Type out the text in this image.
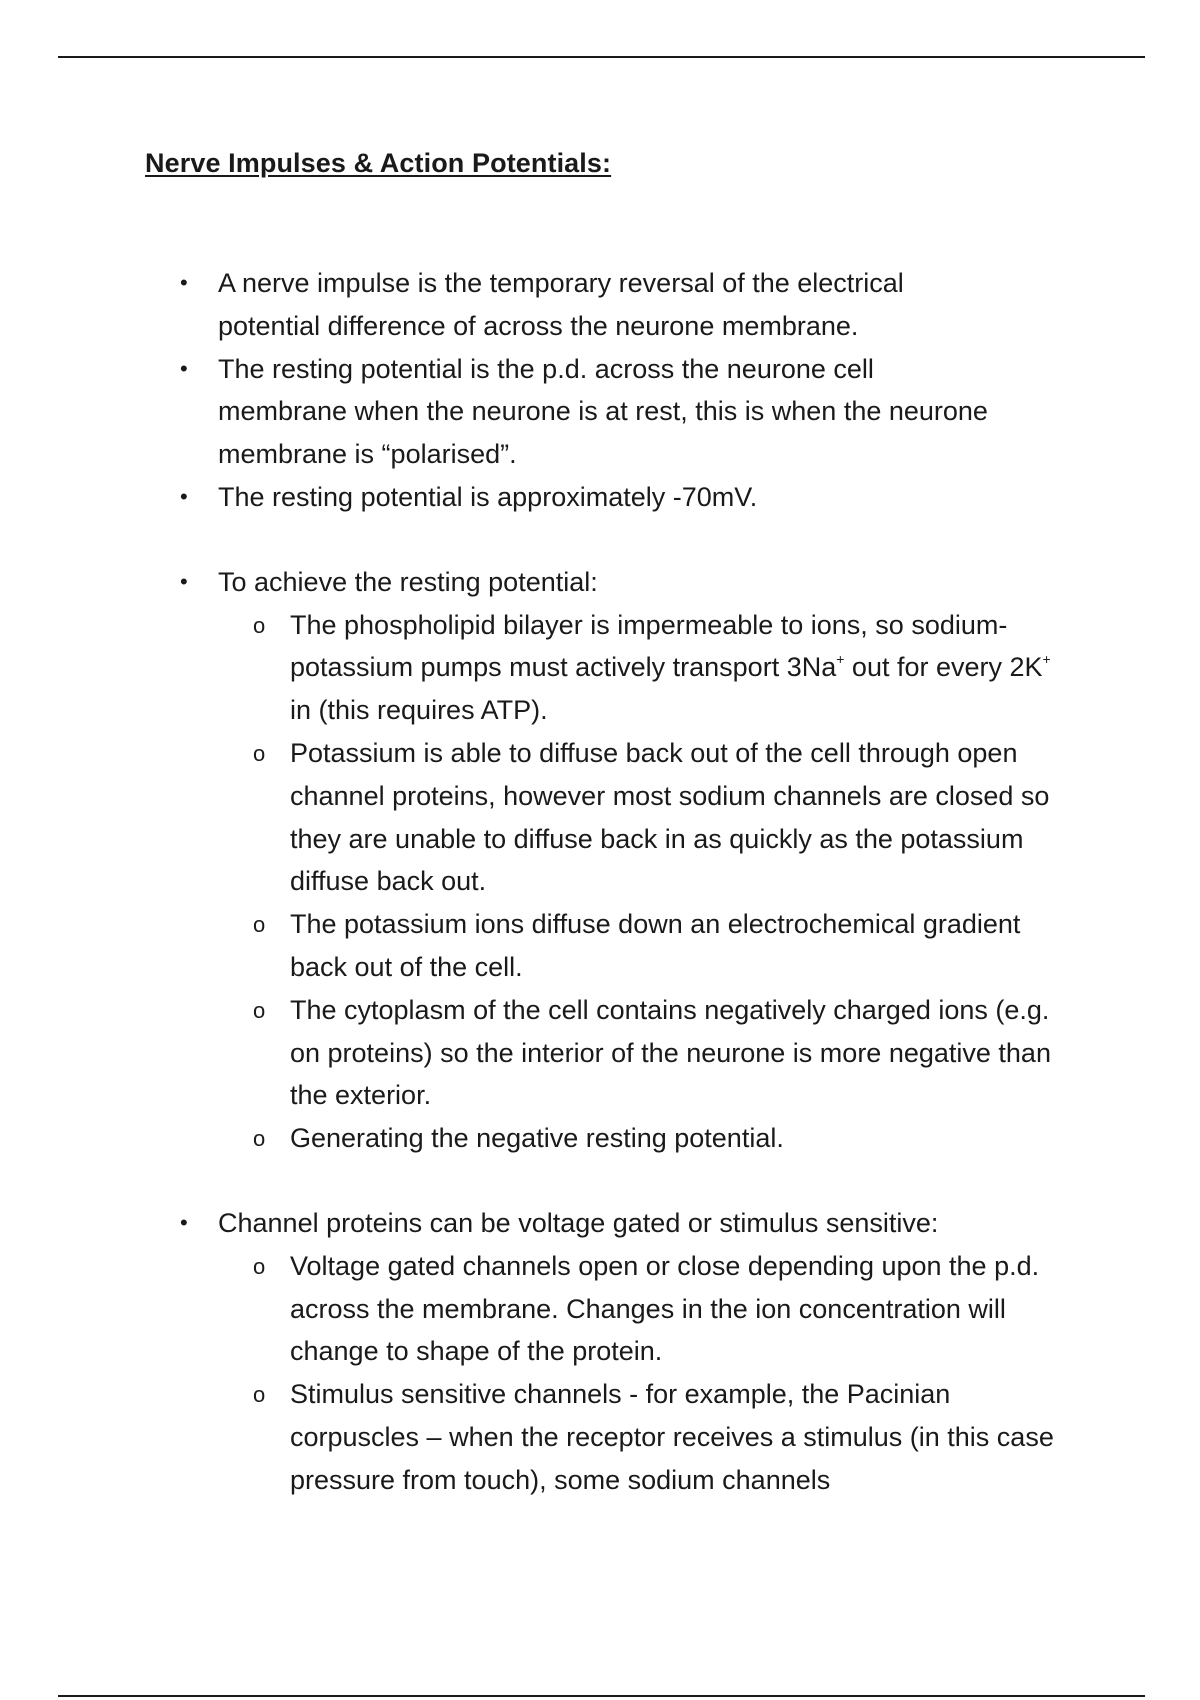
Nerve Impulses & Action Potentials:
• A nerve impulse is the temporary reversal of the electrical potential difference of across the neurone membrane.
• The resting potential is the p.d. across the neurone cell membrane when the neurone is at rest, this is when the neurone membrane is “polarised”.
• The resting potential is approximately -70mV.
• To achieve the resting potential:
o The phospholipid bilayer is impermeable to ions, so sodium-potassium pumps must actively transport 3Na+ out for every 2K+ in (this requires ATP).
o Potassium is able to diffuse back out of the cell through open channel proteins, however most sodium channels are closed so they are unable to diffuse back in as quickly as the potassium diffuse back out.
o The potassium ions diffuse down an electrochemical gradient back out of the cell.
o The cytoplasm of the cell contains negatively charged ions (e.g. on proteins) so the interior of the neurone is more negative than the exterior.
o Generating the negative resting potential.
• Channel proteins can be voltage gated or stimulus sensitive:
o Voltage gated channels open or close depending upon the p.d. across the membrane. Changes in the ion concentration will change to shape of the protein.
o Stimulus sensitive channels - for example, the Pacinian corpuscles – when the receptor receives a stimulus (in this case pressure from touch), some sodium channels
